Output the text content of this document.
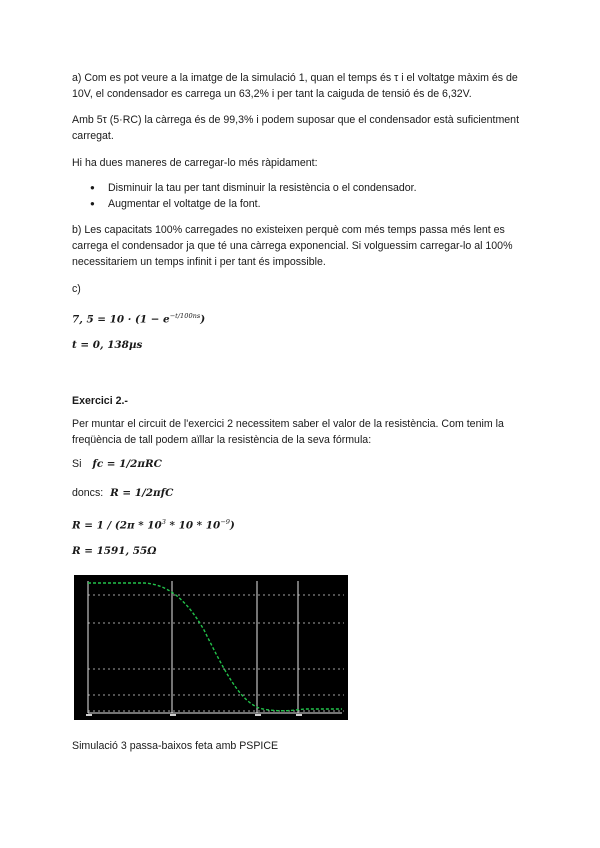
a) Com es pot veure a la imatge de la simulació 1, quan el temps és τ i el voltatge màxim és de 10V, el condensador es carrega un 63,2% i per tant la caiguda de tensió és de 6,32V.

Amb 5τ (5·RC) la càrrega és de 99,3% i podem suposar que el condensador està suficientment carregat.

Hi ha dues maneres de carregar-lo més ràpidament:

● Disminuir la tau per tant disminuir la resistència o el condensador.
● Augmentar el voltatge de la font.

b) Les capacitats 100% carregades no existeixen perquè com més temps passa més lent es carrega el condensador ja que té una càrrega exponencial. Si volguessim carregar-lo al 100% necessitariem un temps infinit i per tant és impossible.

c)

7, $5 = 10 \cdot (1 - e^{-t/100ns})$
t = 0, 138µs

Exercici 2.-

Per muntar el circuit de l'exercici 2 necessitem saber el valor de la resistència. Com tenim la freqüència de tall podem aïllar la resistència de la seva fórmula:

Si fc = 1/2πRC
doncs: R = 1/2πfC
$R = 1 / (2\pi * 10^3 * 10 * 10^{-9})$
R = 1591, 55Ω

Simulació 3 passa-baixos feta amb PSPICE
